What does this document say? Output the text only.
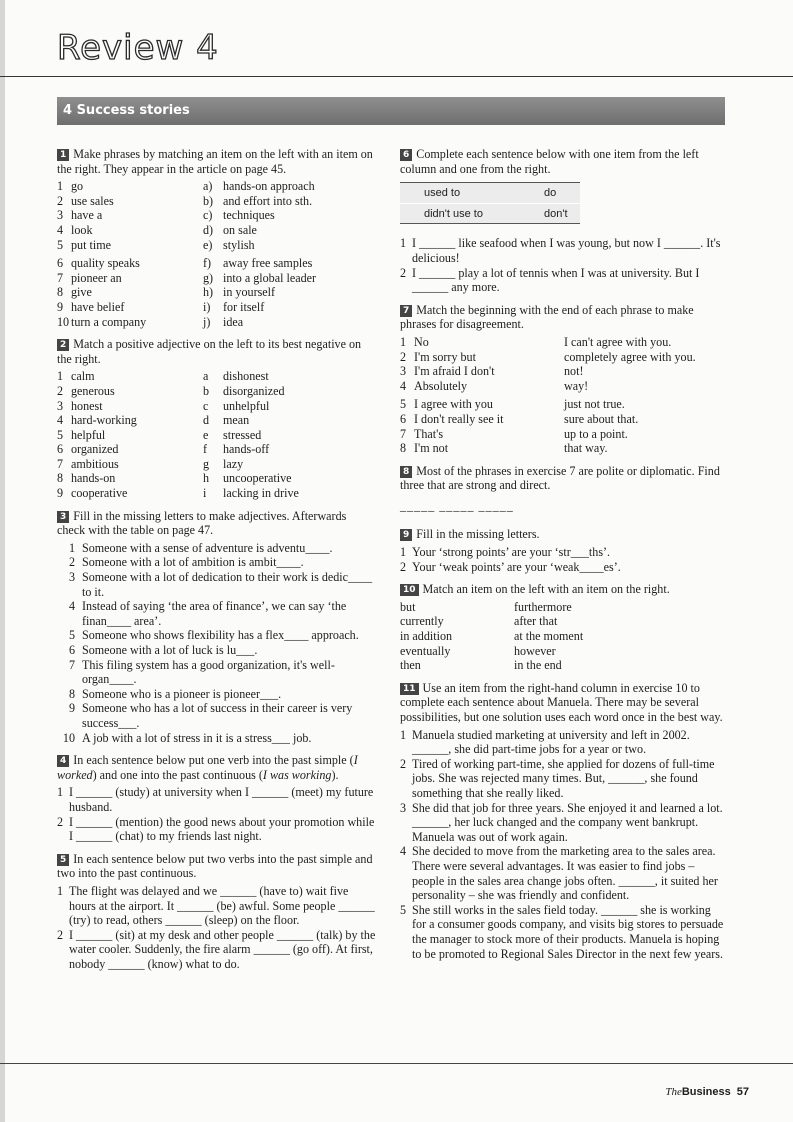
Review 4
4 Success stories

1 Make phrases by matching an item on the left with an item on the right. They appear in the article on page 45.

1 go	a) hands-on approach
2 use sales	b) and effort into sth.
3 have a	c) techniques
4 look	d) on sale
5 put time	e) stylish
6 quality speaks	f) away free samples
7 pioneer an	g) into a global leader
8 give	h) in yourself
9 have belief	i)	for itself
10 turn a company	j)	idea

2 Match a positive adjective on the left to its best negative on the right.

1 calm	a	dishonest
2 generous	b	disorganized
3 honest	c	unhelpful
4 hard-working	d	mean
5 helpful	e	stressed
6 organized	f	hands-off
7 ambitious	g	lazy
8 hands-on	h	uncooperative
9 cooperative	i	lacking in drive

3 Fill in the missing letters to make adjectives. Afterwards check with the table on page 47.

1 Someone with a sense of adventure is adventu____.
2 Someone with a lot of ambition is ambit____.
3 Someone with a lot of dedication to their work is dedic____ to it.
4 Instead of saying ‘the area of finance’, we can say ‘the finan____ area’.
5 Someone who shows flexibility has a flex____ approach.
6 Someone with a lot of luck is lu___.
7 This filing system has a good organization, it's well-organ____.
8 Someone who is a pioneer is pioneer___.
9 Someone who has a lot of success in their career is very success___.
10 A job with a lot of stress in it is a stress___ job.

4 In each sentence below put one verb into the past simple (I worked) and one into the past continuous (I was working).

1 I ______ (study) at university when I ______ (meet) my future husband.
2 I ______ (mention) the good news about your promotion while I ______ (chat) to my friends last night.

5 In each sentence below put two verbs into the past simple and two into the past continuous.

1 The flight was delayed and we ______ (have to) wait five hours at the airport. It ______ (be) awful. Some people ______ (try) to read, others ______ (sleep) on the floor.
2 I ______ (sit) at my desk and other people ______ (talk) by the water cooler. Suddenly, the fire alarm ______ (go off). At first, nobody ______ (know) what to do.

6 Complete each sentence below with one item from the left column and one from the right.

used to	do
didn't use to	don't
1 I ______ like seafood when I was young, but now I ______. It's delicious!
2 I ______ play a lot of tennis when I was at university. But I ______ any more.

7 Match the beginning with the end of each phrase to make phrases for disagreement.

1 No	I can't agree with you.
2 I'm sorry but	completely agree with you.
3 I'm afraid I don't	not!
4 Absolutely	way!
5 I agree with you	just not true.
6 I don't really see it	sure about that.
7 That's	up to a point.
8 I'm not	that way.

8 Most of the phrases in exercise 7 are polite or diplomatic. Find three that are strong and direct.

_____ _____ _____

9 Fill in the missing letters.

1 Your ‘strong points’ are your ‘str___ths’.
2 Your ‘weak points’ are your ‘weak____es’.

10 Match an item on the left with an item on the right.

but	furthermore
currently	after that
in addition	at the moment
eventually	however
then	in the end

11 Use an item from the right-hand column in exercise 10 to complete each sentence about Manuela. There may be several possibilities, but one solution uses each word once in the best way.

1 Manuela studied marketing at university and left in 2002. ______, she did part-time jobs for a year or two.
2 Tired of working part-time, she applied for dozens of full-time jobs. She was rejected many times. But, ______, she found something that she really liked.
3 She did that job for three years. She enjoyed it and learned a lot. ______, her luck changed and the company went bankrupt. Manuela was out of work again.
4 She decided to move from the marketing area to the sales area. There were several advantages. It was easier to find jobs – people in the sales area change jobs often. ______, it suited her personality – she was friendly and confident.
5 She still works in the sales field today. ______ she is working for a consumer goods company, and visits big stores to persuade the manager to stock more of their products. Manuela is hoping to be promoted to Regional Sales Director in the next few years.
TheBusiness 57
